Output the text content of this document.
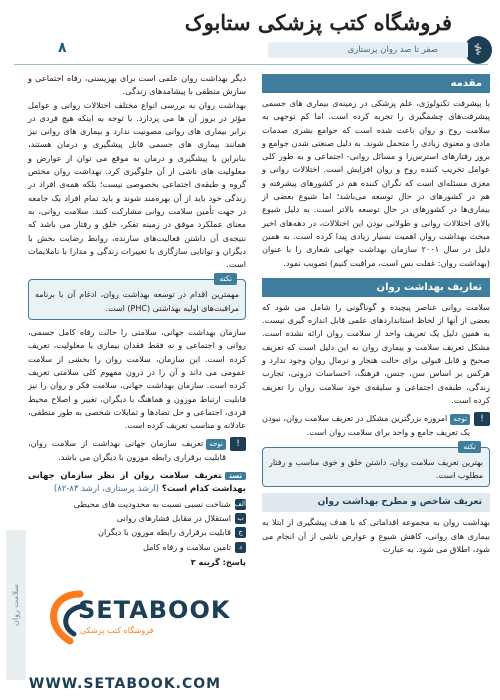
فروشگاه کتب پزشکی ستابوک
⚕
صفر تا صد روان پرستاری
۸
سلامت روان
مقدمه

با پیشرفت تکنولوژی، علم پزشکی در زمینه‌ی بیماری های جسمی پیشرفت‌های چشمگیری را تجربه کرده است. اما کم توجهی به سلامت روح و روان باعث شده است که جوامع بشری صدمات مادی و معنوی زیادی را متحمل شوند. به دلیل صنعتی شدن جوامع و بروز رفتارهای استرس‌زا و مسائل روانی- اجتماعی و به طور کلی عوامل تخریب کننده روح و روان افزایش است. اختلالات روانی و مغزی مسئله‌ای است که نگران کننده هم در کشورهای پیشرفته و هم در کشورهای در حال توسعه می‌باشد؛ اما شیوع بعضی از بیماری‌ها در کشورهای در حال توسعه بالاتر است. به دلیل شیوع بالای اختلالات روانی و طولانی بودن این اختلالات، در دهه‌های اخیر مبحث بهداشت روان اهمیت بسیار زیادی پیدا کرده است. به همین دلیل در سال ۲۰۰۱ سازمان بهداشت جهانی شعاری را با عنوان (بهداشت روان: غفلت بس است، مراقبت کنیم) تصویب نمود.

تعاریف بهداشت روان

سلامت روانی عناصر پیچیده و گوناگونی را شامل می شود که بعضی از آنها از لحاظ استانداردهای علمی قابل اندازه گیری نیست. به همین دلیل یک تعریف واحد از سلامت روان ارائه نشده است. مشکل تعریف سلامت و بیماری روان به این دلیل است که تعریف صحیح و قابل قبولی برای حالت هنجار و نرمال روان وجود ندارد و هرکس بر اساس سن، جنس، فرهنگ، احساسات درونی، تجارب زندگی، طبقه‌ی اجتماعی و سلیقه‌ی خود سلامت روان را تعریف کرده است.

!
توجهامروزه بزرگترین مشکل در تعریف سلامت روان، نبودن یک تعریف جامع و واحد برای سلامت روان است.
نکته
بهترین تعریف سلامت روان، داشتن خلق و خوی مناسب و رفتار مطلوب است.
تعریف شاخص و مطرح بهداشت روان

بهداشت روان به مجموعه اقداماتی که با هدف پیشگیری از ابتلا به بیماری های روانی، کاهش شیوع و عوارض ناشی از آن انجام می شود، اطلاق می شود. به عبارت

دیگر بهداشت روان علمی است برای بهزیستی، رفاه اجتماعی و سازش منطقی با پیشامدهای زندگی.

بهداشت روان به بررسی انواع مختلف اختلالات روانی و عوامل مؤثر در بروز آن ها می پردازد. با توجه به اینکه هیچ فردی در برابر بیماری های روانی مصونیت ندارد و بیماری های روانی نیز همانند بیماری های جسمی قابل پیشگیری و درمان هستند، بنابراین با پیشگیری و درمان به موقع می توان از عوارض و معلولیت های ناشی از آن جلوگیری کرد. بهداشت روان مختص گروه و طبقه‌ی اجتماعی بخصوصی نیست؛ بلکه همه‌ی افراد در زندگی خود باید از آن بهره‌مند شوند و باید تمام افراد یک جامعه در جهت تأمین سلامت روانی مشارکت کنند. سلامت روانی، به معنای عملکرد موفق در زمینه تفکر، خلق و رفتار می باشد که نتیجه‌ی آن داشتن فعالیت‌های سازنده، روابط رضایت بخش با دیگران و توانایی سازگاری با تغییرات زندگی و مدارا با ناملایمات است.

نکته
مهمترین اقدام در توسعه بهداشت روان، ادغام آن با برنامه مراقبت‌های اولیه بهداشتی (PHC) است.

سازمان بهداشت جهانی، سلامتی را حالت رفاه کامل جسمی، روانی و اجتماعی و نه فقط فقدان بیماری یا معلولیت، تعریف کرده است. این سازمان، سلامت روان را بخشی از سلامت عمومی می داند و آن را در درون مفهوم کلی سلامتی تعریف کرده است. سازمان بهداشت جهانی، سلامت فکر و روان را نیز قابلیت ارتباط موزون و هماهنگ با دیگران، تغییر و اصلاح محیط فردی، اجتماعی و حل تضادها و تمایلات شخصی به طور منطقی، عادلانه و مناسب تعریف کرده است.

!
توجهتعریف سازمان جهانی بهداشت از سلامت روان، قابلیت برقراری رابطه موزون با دیگران می باشد.
تستتعریف سلامت روان از نظر سازمان جهانی بهداشت کدام است؟ (ارشد پرستاری، ارشد ۸۳-۸۲)
الف
شناخت نسبی نسبت به محدودیت های محیطی
ب
استقلال در مقابل فشارهای روانی
ج
قابلیت برقراری رابطه موزون با دیگران
د
تامین سلامت و رفاه کامل
پاسخ: گزینه ۳
SETABOOK
فروشگاه کتب پزشکی
WWW.SETABOOK.COM
